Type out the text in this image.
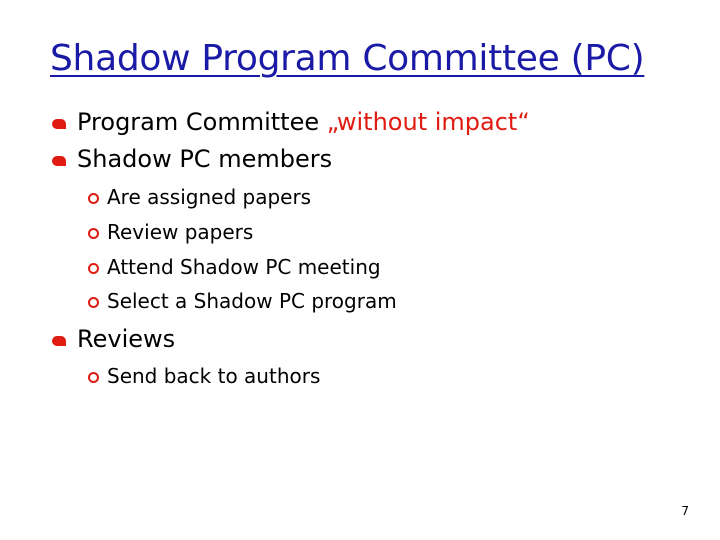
Shadow Program Committee (PC)
Program Committee „without impact“
Shadow PC members
Are assigned papers
Review papers
Attend Shadow PC meeting
Select a Shadow PC program
Reviews
Send back to authors
7
